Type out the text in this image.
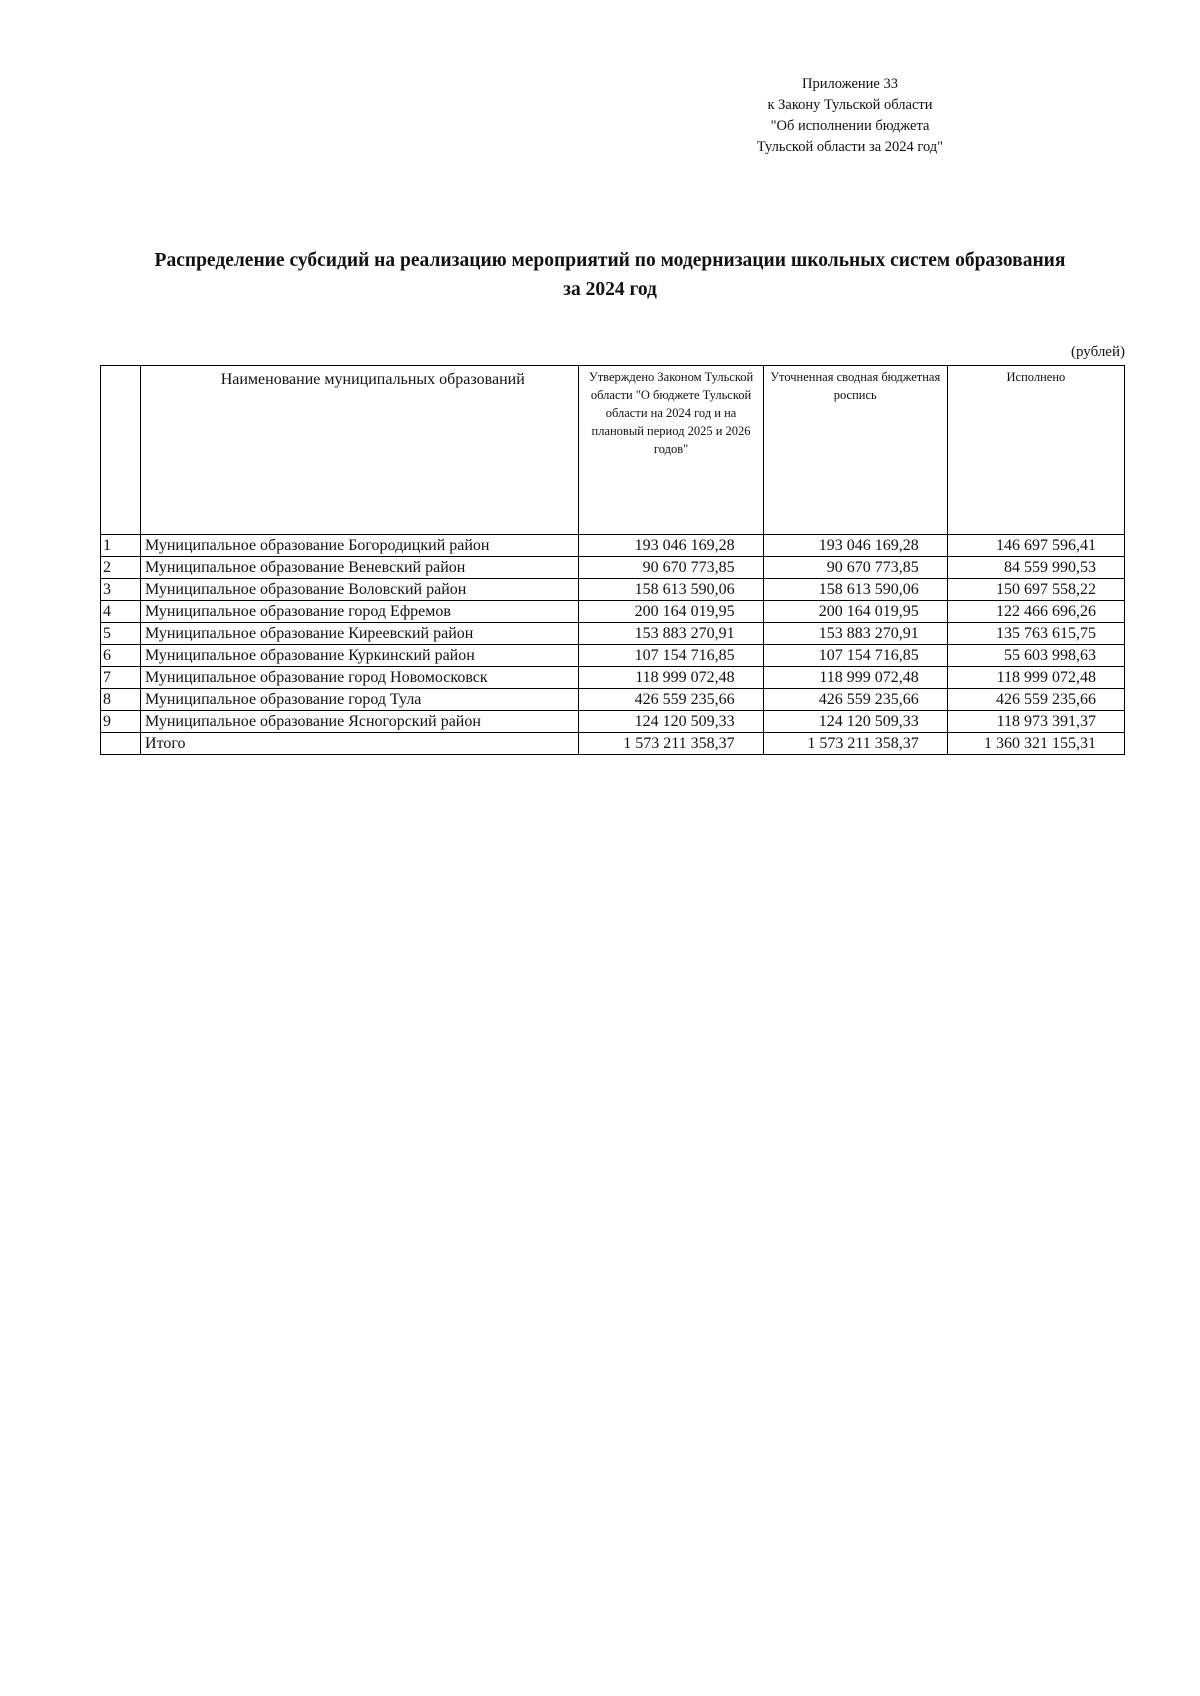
Приложение 33
к Закону Тульской области
"Об исполнении бюджета
Тульской области за 2024 год"
Распределение субсидий на реализацию мероприятий по модернизации школьных систем образования
за 2024 год
(рублей)
	Наименование муниципальных образований	Утверждено Законом Тульской области "О бюджете Тульской области на 2024 год и на плановый период 2025 и 2026 годов"	Уточненная сводная бюджетная роспись	Исполнено
1	Муниципальное образование Богородицкий район	193 046 169,28	193 046 169,28	146 697 596,41
2	Муниципальное образование Веневский район	90 670 773,85	90 670 773,85	84 559 990,53
3	Муниципальное образование Воловский район	158 613 590,06	158 613 590,06	150 697 558,22
4	Муниципальное образование город Ефремов	200 164 019,95	200 164 019,95	122 466 696,26
5	Муниципальное образование Киреевский район	153 883 270,91	153 883 270,91	135 763 615,75
6	Муниципальное образование Куркинский район	107 154 716,85	107 154 716,85	55 603 998,63
7	Муниципальное образование город Новомосковск	118 999 072,48	118 999 072,48	118 999 072,48
8	Муниципальное образование город Тула	426 559 235,66	426 559 235,66	426 559 235,66
9	Муниципальное образование Ясногорский район	124 120 509,33	124 120 509,33	118 973 391,37
	Итого	1 573 211 358,37	1 573 211 358,37	1 360 321 155,31
